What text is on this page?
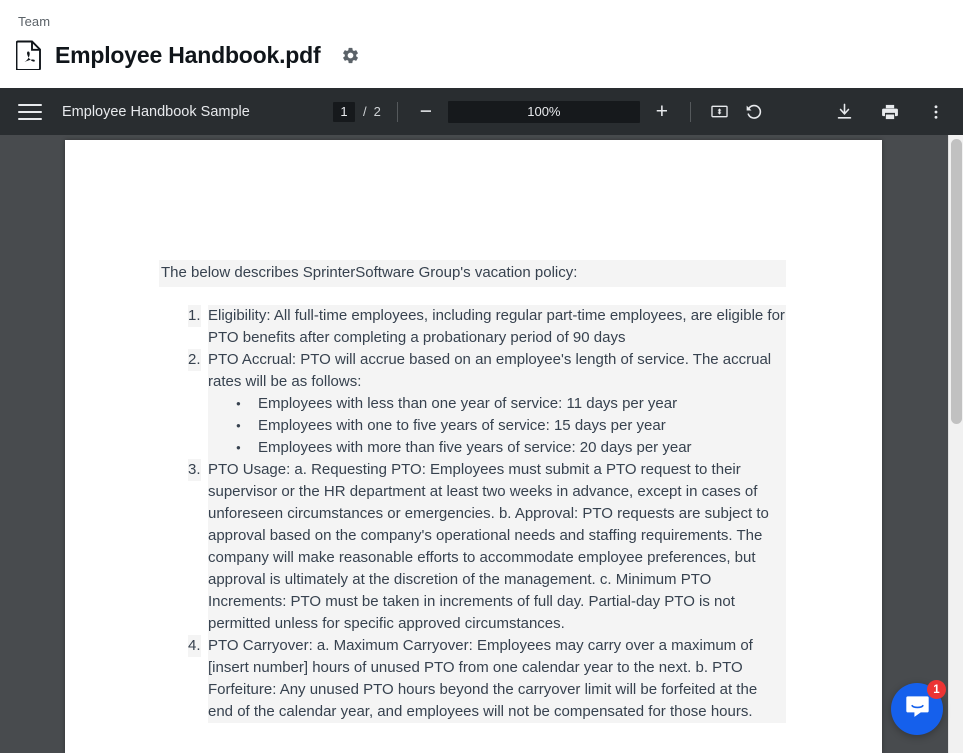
Team
Employee Handbook.pdf
Employee Handbook Sample
1	/ 2 −
100%	+
The below describes SprinterSoftware Group's vacation policy:
Eligibility: All full-time employees, including regular part-time employees, are eligible for PTO benefits after completing a probationary period of 90 days
PTO Accrual: PTO will accrue based on an employee's length of service. The accrual rates will be as follows:
● Employees with less than one year of service: 11 days per year
● Employees with one to five years of service: 15 days per year
● Employees with more than five years of service: 20 days per year
PTO Usage: a. Requesting PTO: Employees must submit a PTO request to their supervisor or the HR department at least two weeks in advance, except in cases of unforeseen circumstances or emergencies. b. Approval: PTO requests are subject to approval based on the company's operational needs and staffing requirements. The company will make reasonable efforts to accommodate employee preferences, but approval is ultimately at the discretion of the management. c. Minimum PTO Increments: PTO must be taken in increments of full day. Partial-day PTO is not permitted unless for specific approved circumstances.
PTO Carryover: a. Maximum Carryover: Employees may carry over a maximum of [insert number] hours of unused PTO from one calendar year to the next. b. PTO Forfeiture: Any unused PTO hours beyond the carryover limit will be forfeited at the end of the calendar year, and employees will not be compensated for those hours.
1
